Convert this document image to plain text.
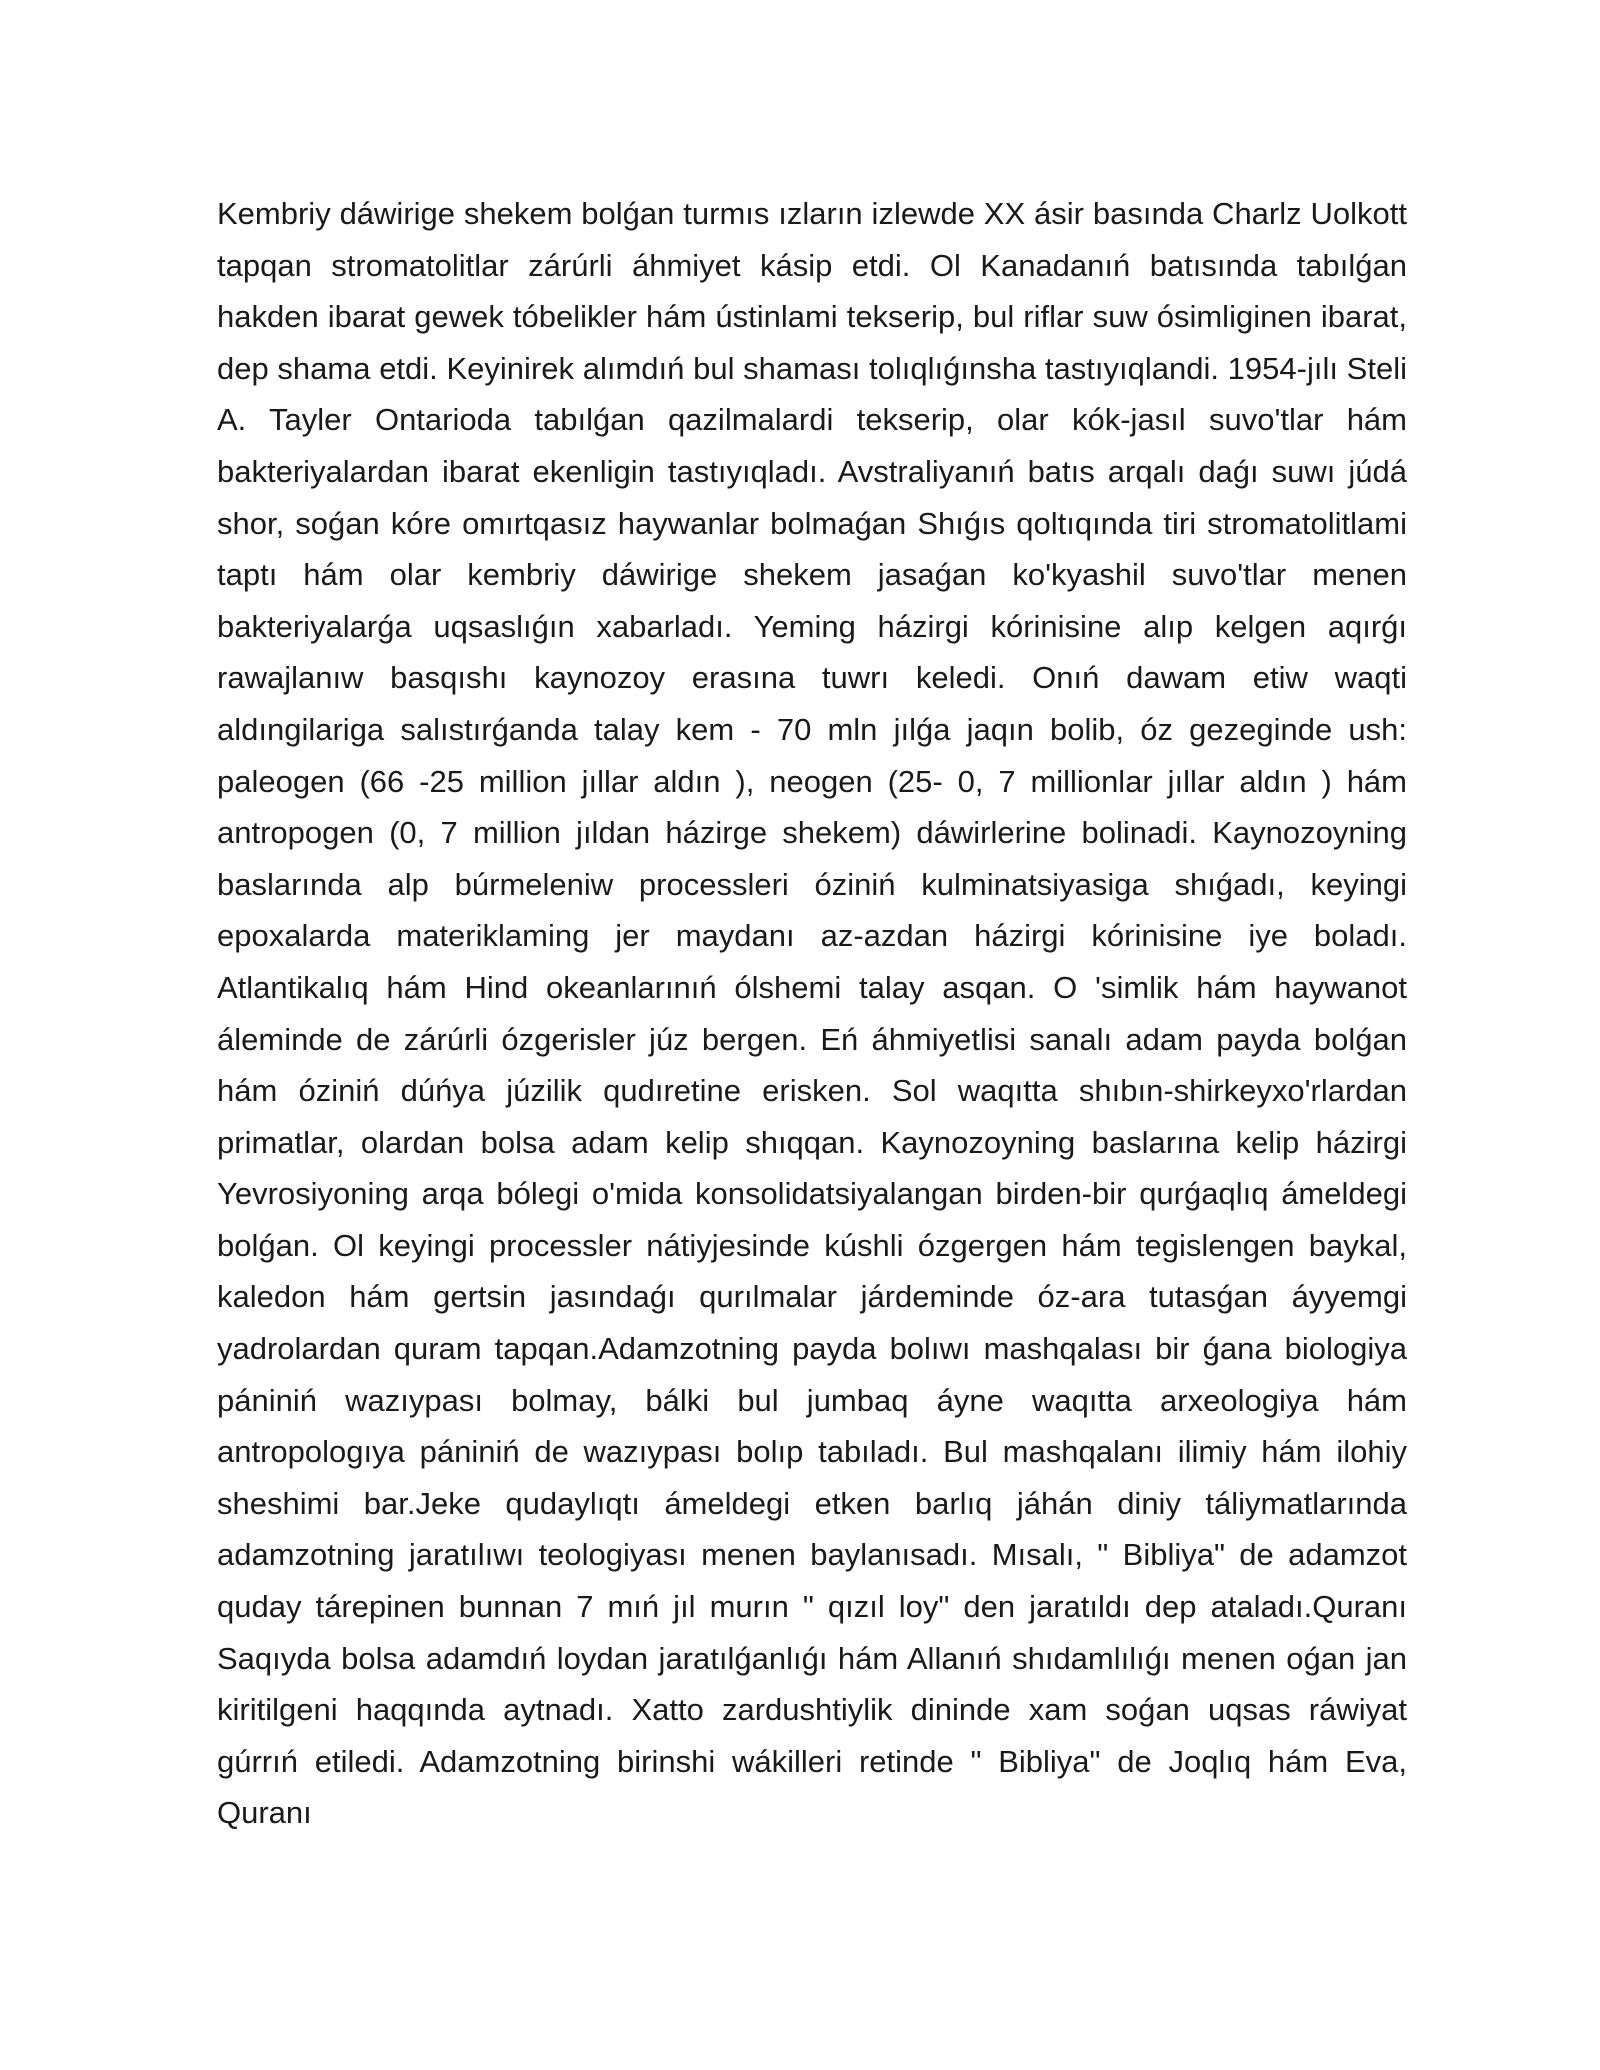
Kembriy dáwirige shekem bolǵan turmıs ızların izlewde XX ásir basında Charlz Uolkott tapqan stromatolitlar zárúrli áhmiyet kásip etdi. Ol Kanadanıń batısında tabılǵan hakden ibarat gewek tóbelikler hám ústinlami tekserip, bul riflar suw ósimliginen ibarat, dep shama etdi. Keyinirek alımdıń bul shaması tolıqlıǵınsha tastıyıqlandi. 1954-jılı Steli A. Tayler Ontarioda tabılǵan qazilmalardi tekserip, olar kók-jasıl suvo'tlar hám bakteriyalardan ibarat ekenligin tastıyıqladı. Avstraliyanıń batıs arqalı daǵı suwı júdá shor, soǵan kóre omırtqasız haywanlar bolmaǵan Shıǵıs qoltıqında tiri stromatolitlami taptı hám olar kembriy dáwirige shekem jasaǵan ko'kyashil suvo'tlar menen bakteriyalarǵa uqsaslıǵın xabarladı. Yeming házirgi kórinisine alıp kelgen aqırǵı rawajlanıw basqıshı kaynozoy erasına tuwrı keledi. Onıń dawam etiw waqti aldıngilariga salıstırǵanda talay kem - 70 mln jılǵa jaqın bolib, óz gezeginde ush: paleogen (66 -25 million jıllar aldın ), neogen (25- 0, 7 millionlar jıllar aldın ) hám antropogen (0, 7 million jıldan házirge shekem) dáwirlerine bolinadi. Kaynozoyning baslarında alp búrmeleniw processleri óziniń kulminatsiyasiga shıǵadı, keyingi epoxalarda materiklaming jer maydanı az-azdan házirgi kórinisine iye boladı. Atlantikalıq hám Hind okeanlarınıń ólshemi talay asqan. O 'simlik hám haywanot áleminde de zárúrli ózgerisler júz bergen. Eń áhmiyetlisi sanalı adam payda bolǵan hám óziniń dúńya júzilik qudıretine erisken. Sol waqıtta shıbın-shirkeyxo'rlardan primatlar, olardan bolsa adam kelip shıqqan. Kaynozoyning baslarına kelip házirgi Yevrosiyoning arqa bólegi o'mida konsolidatsiyalangan birden-bir qurǵaqlıq ámeldegi bolǵan. Ol keyingi processler nátiyjesinde kúshli ózgergen hám tegislengen baykal, kaledon hám gertsin jasındaǵı qurılmalar járdeminde óz-ara tutasǵan áyyemgi yadrolardan quram tapqan.Adamzotning payda bolıwı mashqalası bir ǵana biologiya pániniń wazıypası bolmay, bálki bul jumbaq áyne waqıtta arxeologiya hám antropologıya pániniń de wazıypası bolıp tabıladı. Bul mashqalanı ilimiy hám ilohiy sheshimi bar.Jeke qudaylıqtı ámeldegi etken barlıq jáhán diniy táliymatlarında adamzotning jaratılıwı teologiyası menen baylanısadı. Mısalı, " Bibliya" de adamzot quday tárepinen bunnan 7 mıń jıl murın " qızıl loy" den jaratıldı dep ataladı.Quranı Saqıyda bolsa adamdıń loydan jaratılǵanlıǵı hám Allanıń shıdamlılıǵı menen oǵan jan kiritilgeni haqqında aytnadı. Xatto zardushtiylik dininde xam soǵan uqsas ráwiyat gúrrıń etiledi. Adamzotning birinshi wákilleri retinde " Bibliya" de Joqlıq hám Eva, Quranı
